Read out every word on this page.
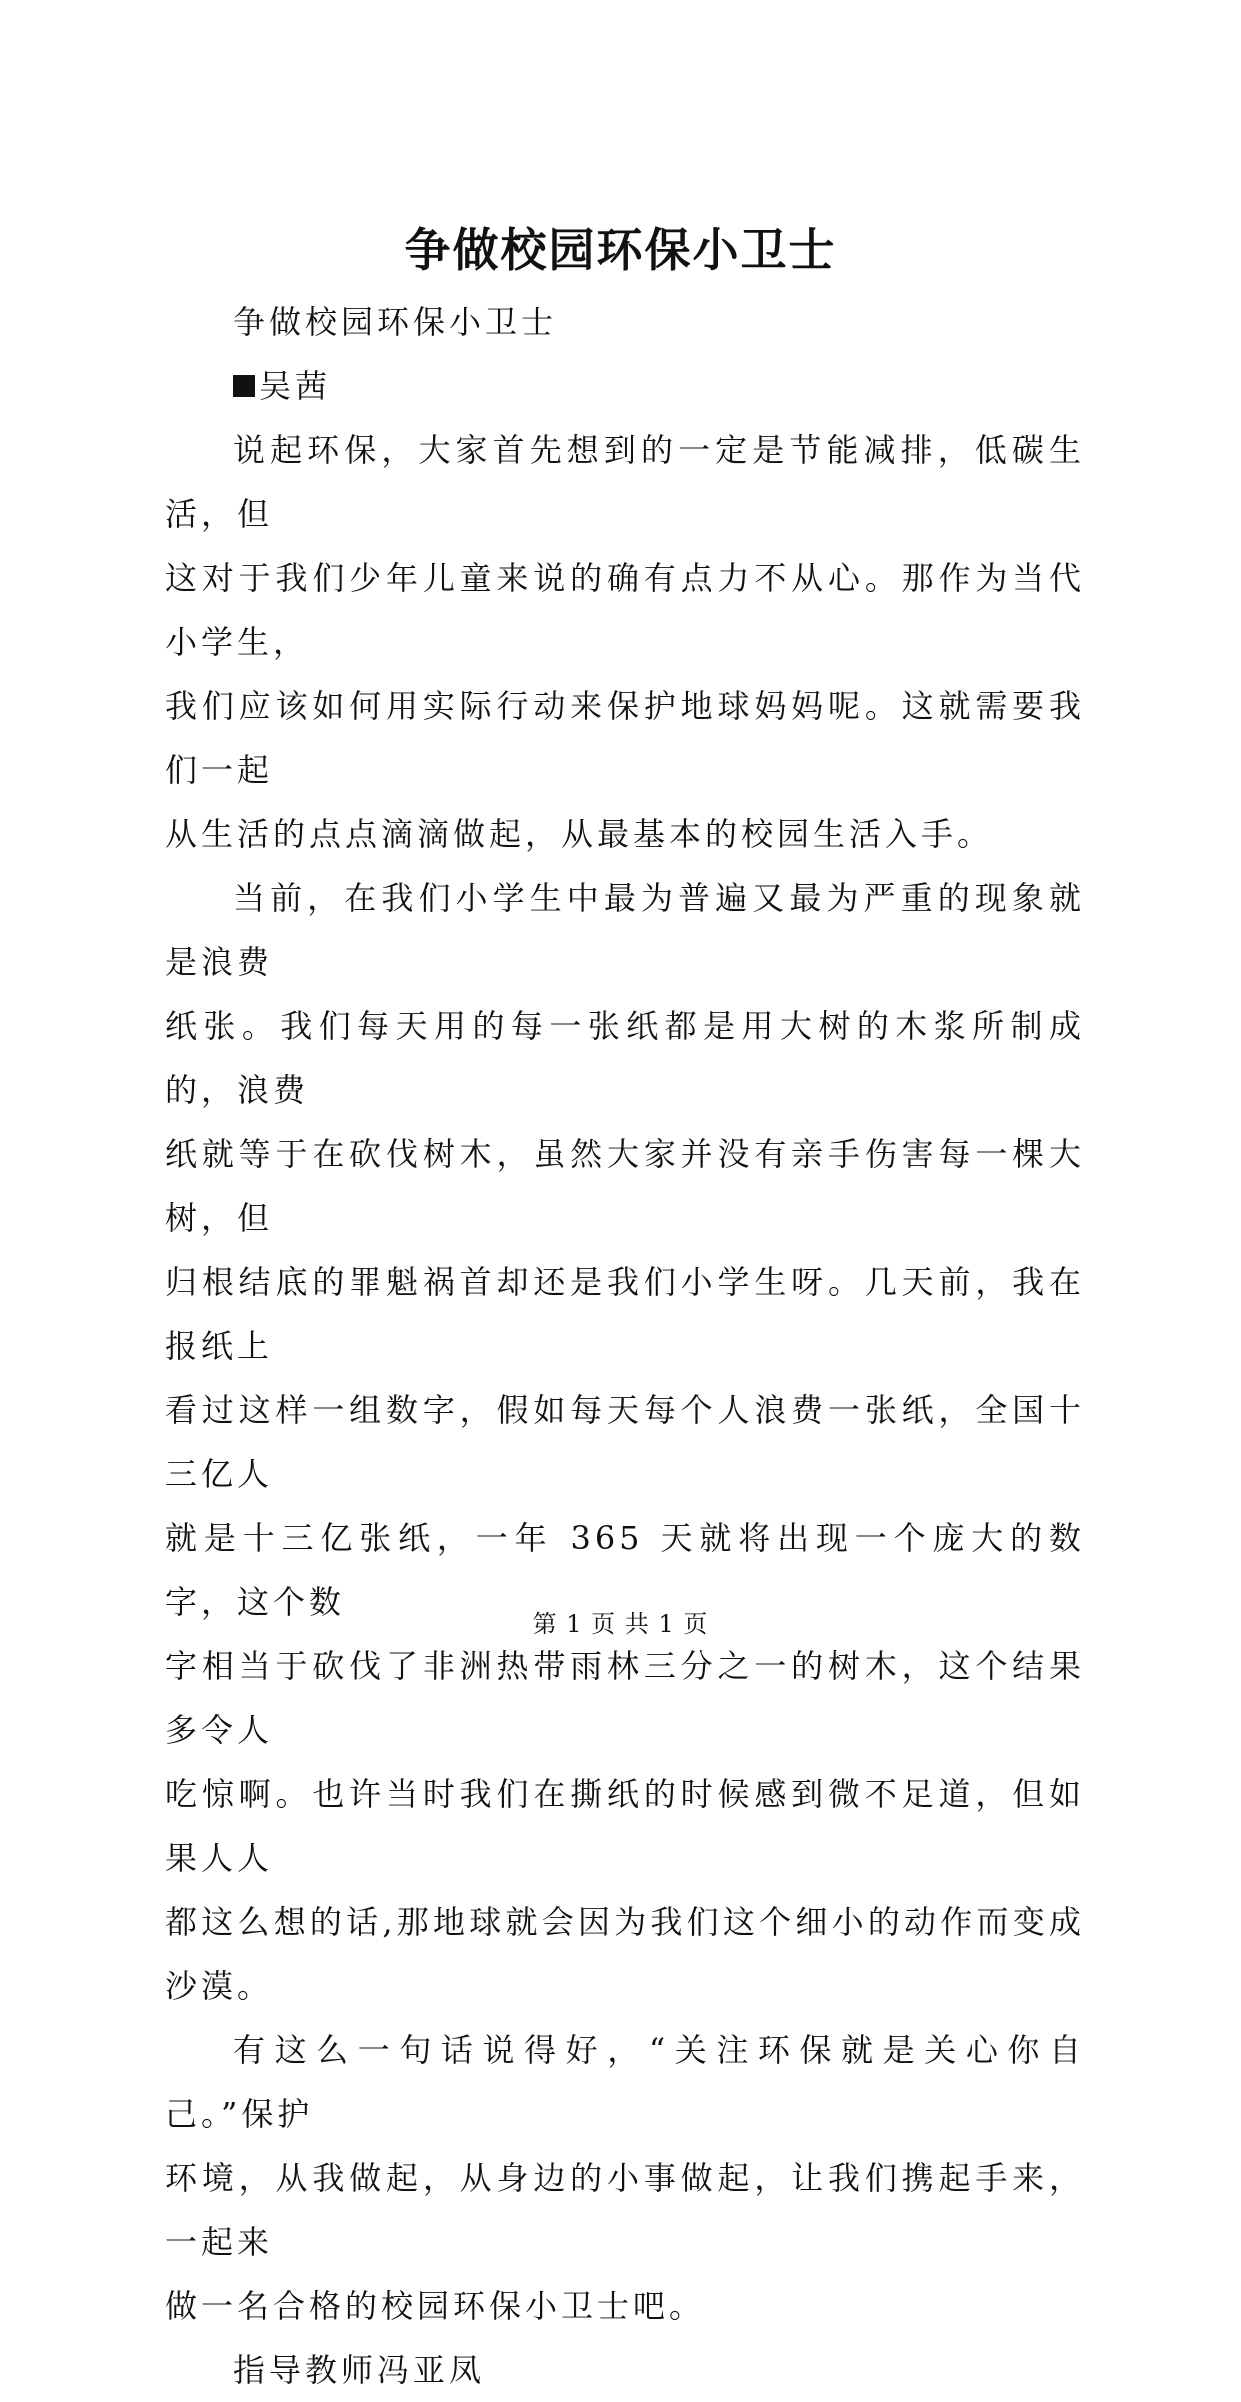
争做校园环保小卫士

争做校园环保小卫士

吴茜

说起环保，大家首先想到的一定是节能减排，低碳生活，但
这对于我们少年儿童来说的确有点力不从心。那作为当代小学生，
我们应该如何用实际行动来保护地球妈妈呢。这就需要我们一起
从生活的点点滴滴做起，从最基本的校园生活入手。

当前，在我们小学生中最为普遍又最为严重的现象就是浪费
纸张。我们每天用的每一张纸都是用大树的木浆所制成的，浪费
纸就等于在砍伐树木，虽然大家并没有亲手伤害每一棵大树，但
归根结底的罪魁祸首却还是我们小学生呀。几天前，我在报纸上
看过这样一组数字，假如每天每个人浪费一张纸，全国十三亿人
就是十三亿张纸，一年 365 天就将出现一个庞大的数字，这个数
字相当于砍伐了非洲热带雨林三分之一的树木，这个结果多令人
吃惊啊。也许当时我们在撕纸的时候感到微不足道，但如果人人
都这么想的话,那地球就会因为我们这个细小的动作而变成沙漠。

有这么一句话说得好，“关注环保就是关心你自己。”保护
环境，从我做起，从身边的小事做起，让我们携起手来，一起来
做一名合格的校园环保小卫士吧。

指导教师冯亚凤

第 1 页 共 1 页
